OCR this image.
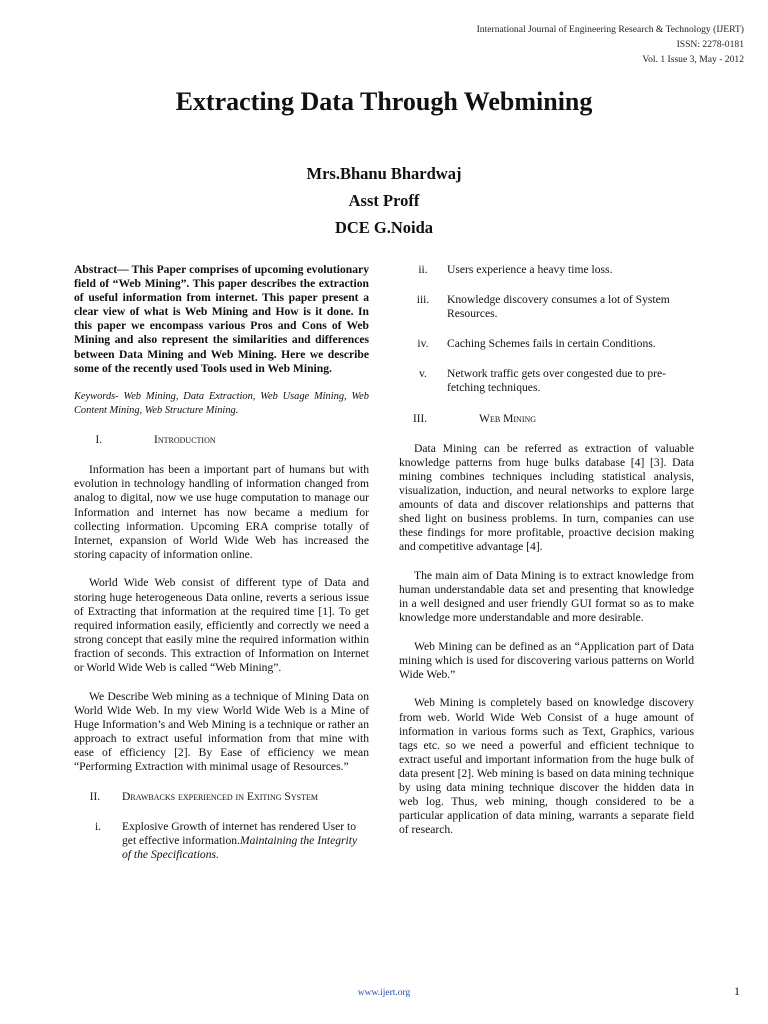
International Journal of Engineering Research & Technology (IJERT)
ISSN: 2278-0181
Vol. 1 Issue 3, May - 2012
Extracting Data Through Webmining
Mrs.Bhanu Bhardwaj
Asst Proff
DCE G.Noida

Abstract— This Paper comprises of upcoming evolutionary field of “Web Mining”. This paper describes the extraction of useful information from internet. This paper present a clear view of what is Web Mining and How is it done. In this paper we encompass various Pros and Cons of Web Mining and also represent the similarities and differences between Data Mining and Web Mining. Here we describe some of the recently used Tools used in Web Mining.

Keywords- Web Mining, Data Extraction, Web Usage Mining, Web Content Mining, Web Structure Mining.

I.	Introduction

Information has been a important part of humans but with evolution in technology handling of information changed from analog to digital, now we use huge computation to manage our Information and internet has now became a medium for collecting information. Upcoming ERA comprise totally of Internet, expansion of World Wide Web has increased the storing capacity of information online.

World Wide Web consist of different type of Data and storing huge heterogeneous Data online, reverts a serious issue of Extracting that information at the required time [1]. To get required information easily, efficiently and correctly we need a strong concept that easily mine the required information within fraction of seconds. This extraction of Information on Internet or World Wide Web is called “Web Mining”.

We Describe Web mining as a technique of Mining Data on World Wide Web. In my view World Wide Web is a Mine of Huge Information’s and Web Mining is a technique or rather an approach to extract useful information from that mine with ease of efficiency [2]. By Ease of efficiency we mean “Performing Extraction with minimal usage of Resources.”

II.	Drawbacks experienced in Exiting System
i.	Explosive Growth of internet has rendered User to get effective information.Maintaining the Integrity of the Specifications.
ii.	Users experience a heavy time loss.
iii.	Knowledge discovery consumes a lot of System Resources.
iv.	Caching Schemes fails in certain Conditions.
v.	Network traffic gets over congested due to pre-fetching techniques.
III.	Web Mining

Data Mining can be referred as extraction of valuable knowledge patterns from huge bulks database [4] [3]. Data mining combines techniques including statistical analysis, visualization, induction, and neural networks to explore large amounts of data and discover relationships and patterns that shed light on business problems. In turn, companies can use these findings for more profitable, proactive decision making and competitive advantage [4].

The main aim of Data Mining is to extract knowledge from human understandable data set and presenting that knowledge in a well designed and user friendly GUI format so as to make knowledge more understandable and more desirable.

Web Mining can be defined as an “Application part of Data mining which is used for discovering various patterns on World Wide Web.”

Web Mining is completely based on knowledge discovery from web. World Wide Web Consist of a huge amount of information in various forms such as Text, Graphics, various tags etc. so we need a powerful and efficient technique to extract useful and important information from the huge bulk of data present [2]. Web mining is based on data mining technique by using data mining technique discover the hidden data in web log. Thus, web mining, though considered to be a particular application of data mining, warrants a separate field of research.

www.ijert.org	1
